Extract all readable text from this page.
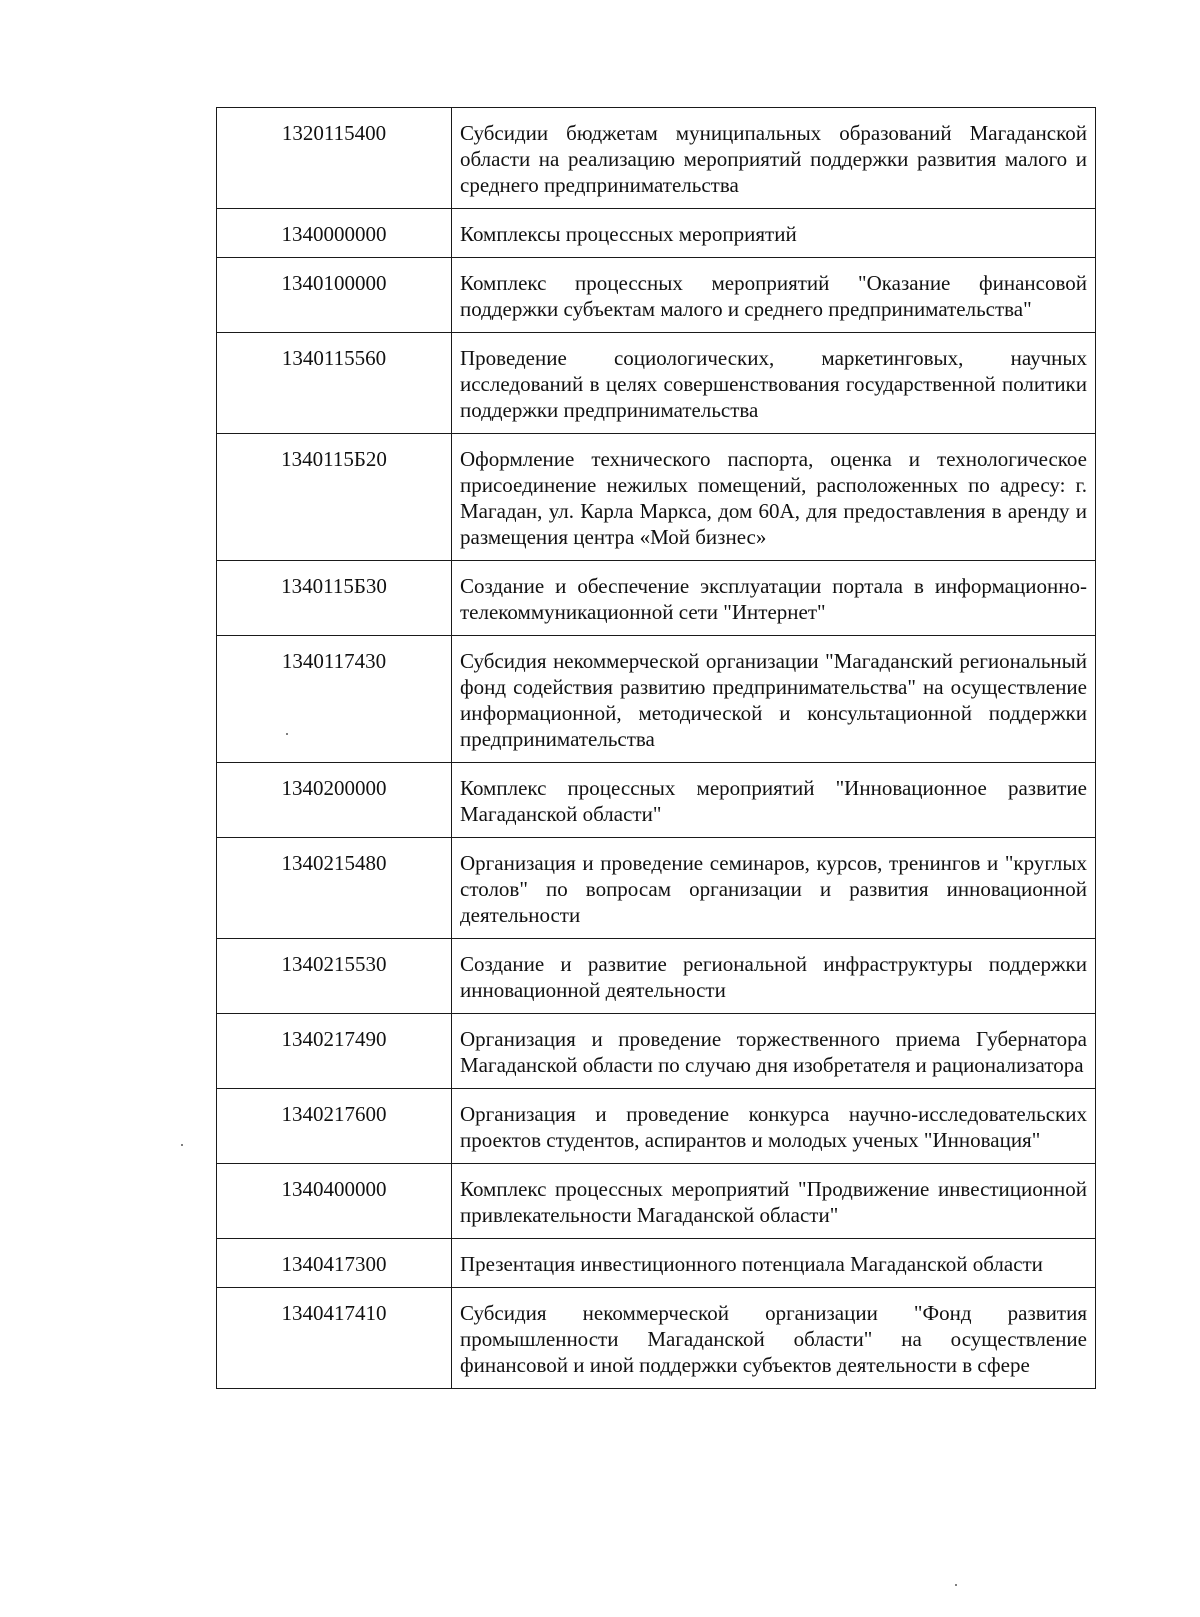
1320115400	Субсидии бюджетам муниципальных образований Магаданской области на реализацию мероприятий поддержки развития малого и среднего предпринимательства
1340000000	Комплексы процессных мероприятий
1340100000	Комплекс процессных мероприятий "Оказание финансовой поддержки субъектам малого и среднего предпринимательства"
1340115560	Проведение социологических, маркетинговых, научных исследований в целях совершенствования государственной политики поддержки предпринимательства
1340115Б20	Оформление технического паспорта, оценка и технологическое присоединение нежилых помещений, расположенных по адресу: г. Магадан, ул. Карла Маркса, дом 60А, для предоставления в аренду и размещения центра «Мой бизнес»
1340115Б30	Создание и обеспечение эксплуатации портала в информационно-телекоммуникационной сети "Интернет"
1340117430	Субсидия некоммерческой организации "Магаданский региональный фонд содействия развитию предпринимательства" на осуществление информационной, методической и консультационной поддержки предпринимательства
1340200000	Комплекс процессных мероприятий "Инновационное развитие Магаданской области"
1340215480	Организация и проведение семинаров, курсов, тренингов и "круглых столов" по вопросам организации и развития инновационной деятельности
1340215530	Создание и развитие региональной инфраструктуры поддержки инновационной деятельности
1340217490	Организация и проведение торжественного приема Губернатора Магаданской области по случаю дня изобретателя и рационализатора
1340217600	Организация и проведение конкурса научно-исследовательских проектов студентов, аспирантов и молодых ученых "Инновация"
1340400000	Комплекс процессных мероприятий "Продвижение инвестиционной привлекательности Магаданской области"
1340417300	Презентация инвестиционного потенциала Магаданской области
1340417410	Субсидия некоммерческой организации "Фонд развития промышленности Магаданской области" на осуществление финансовой и иной поддержки субъектов деятельности в сфере
